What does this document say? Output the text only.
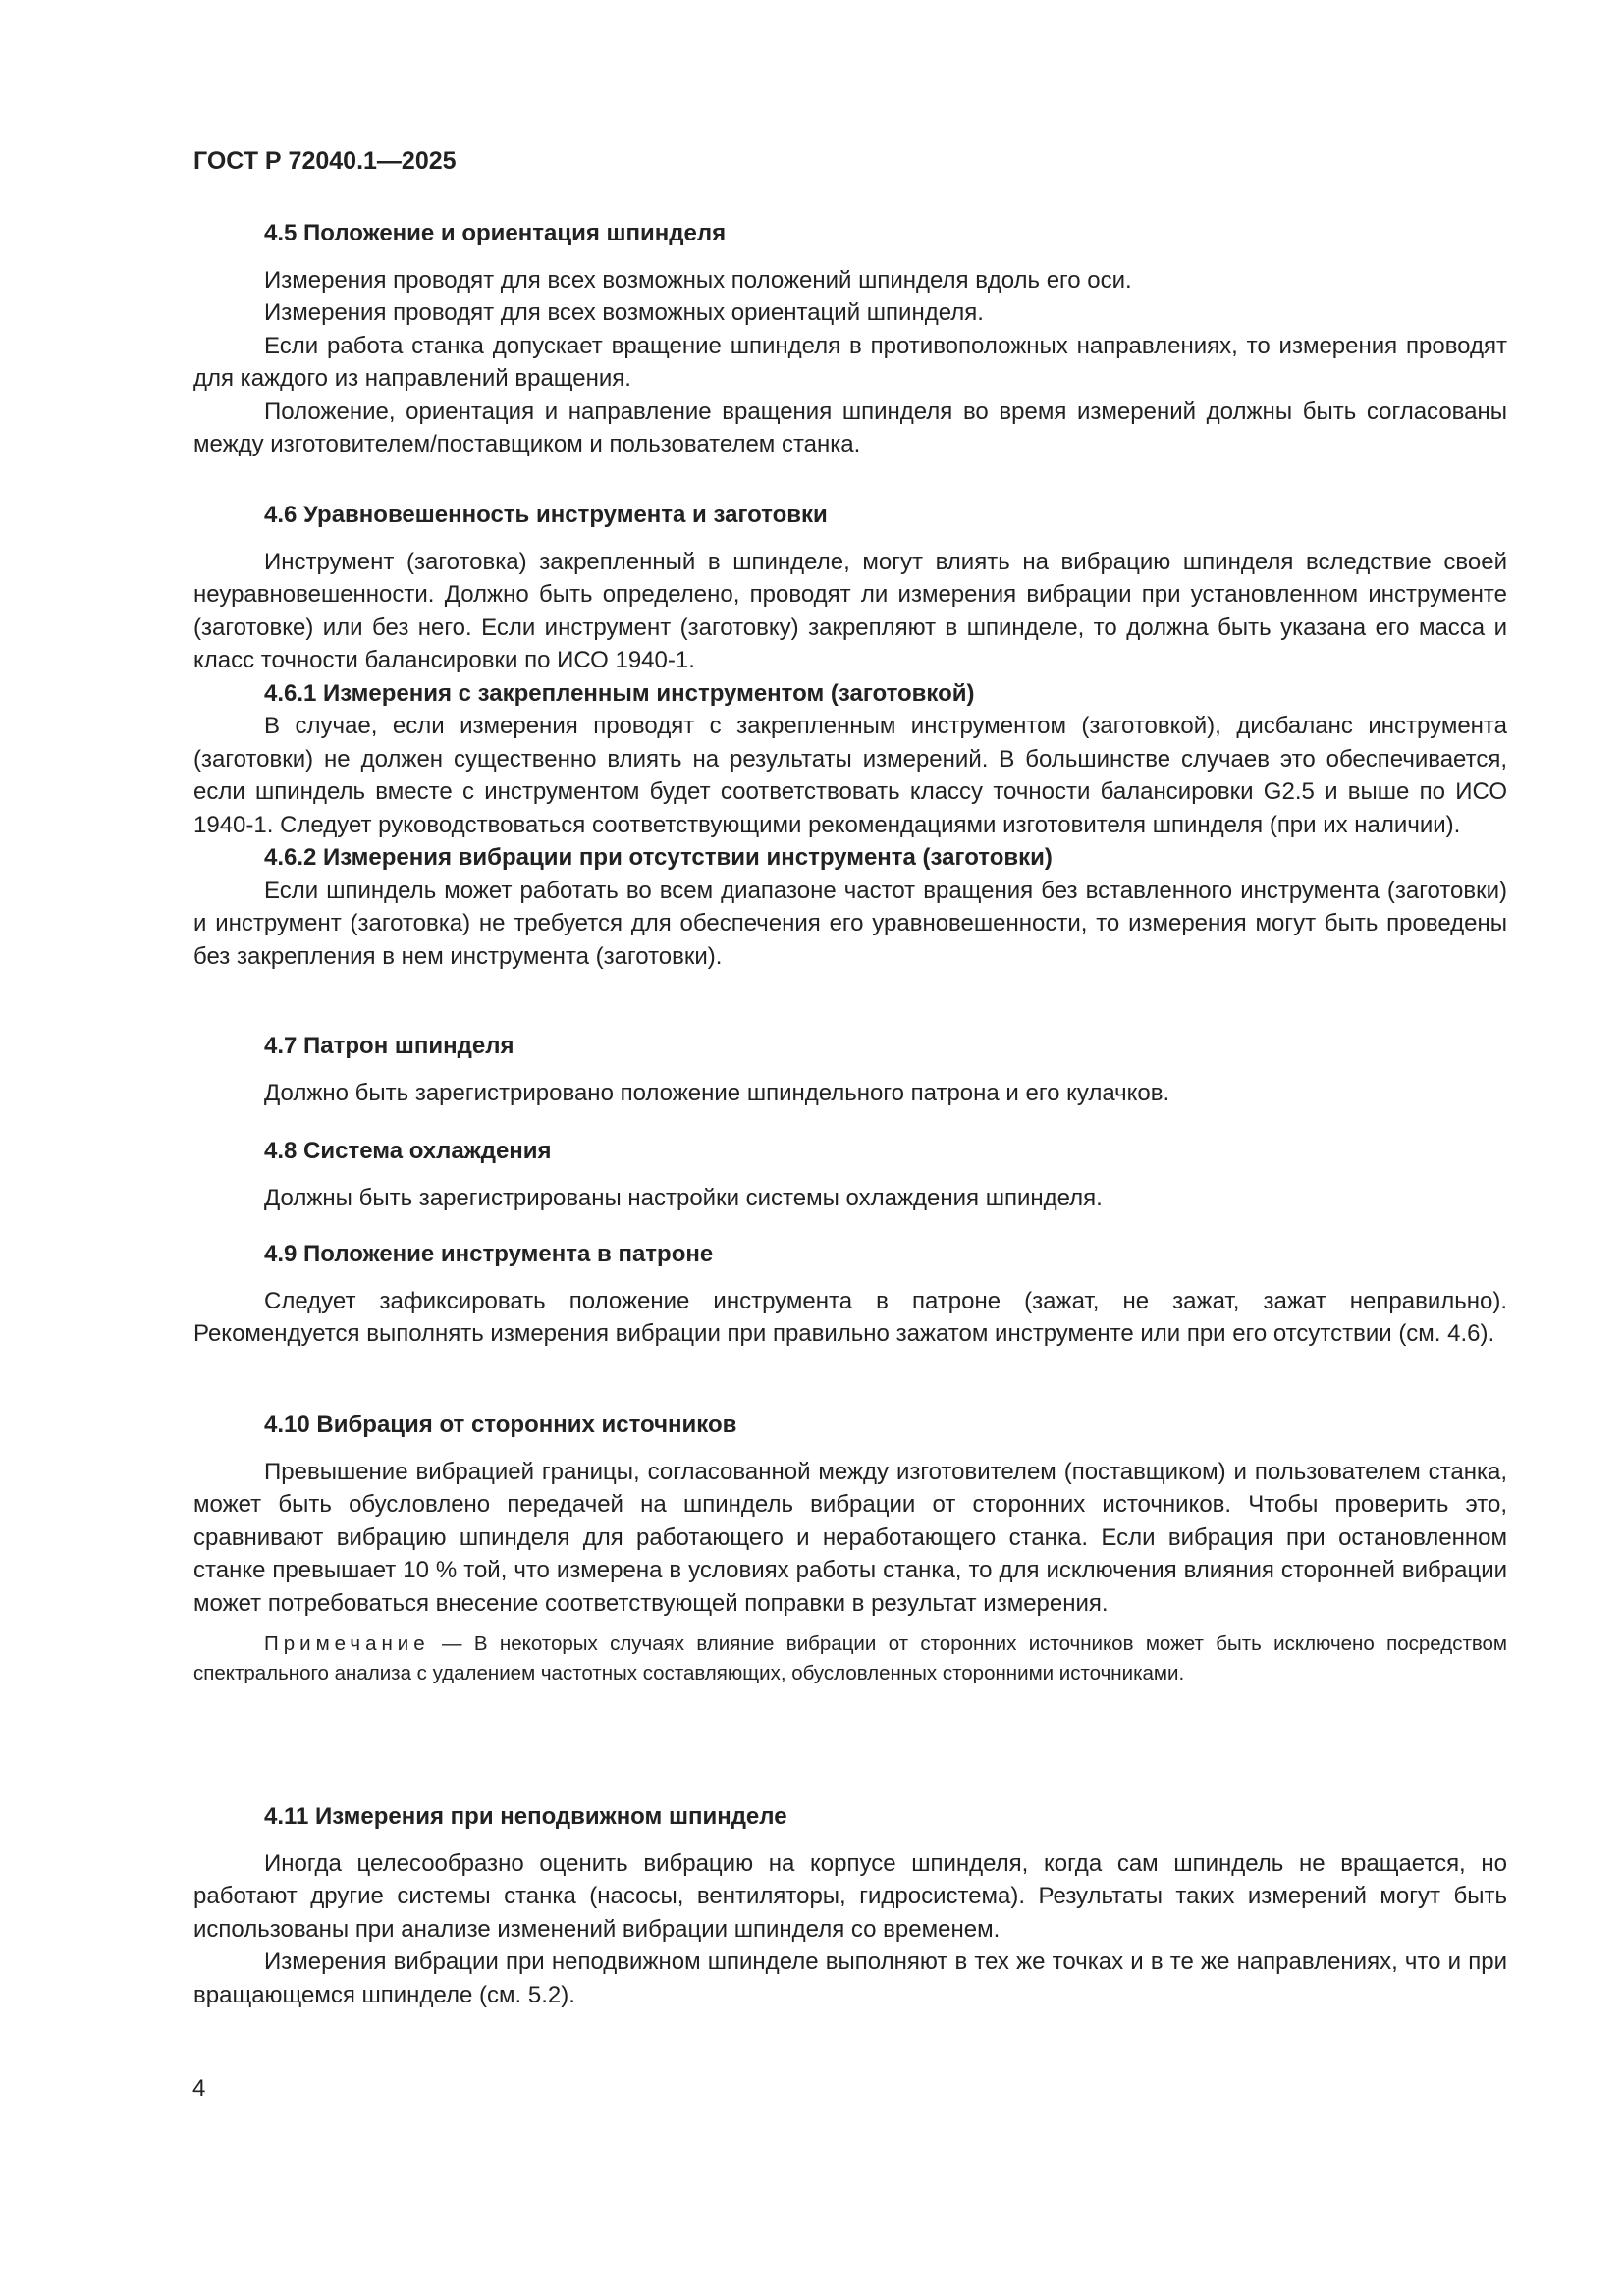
ГОСТ Р 72040.1—2025

4.5 Положение и ориентация шпинделя

Измерения проводят для всех возможных положений шпинделя вдоль его оси.

Измерения проводят для всех возможных ориентаций шпинделя.

Если работа станка допускает вращение шпинделя в противоположных направлениях, то измерения проводят для каждого из направлений вращения.

Положение, ориентация и направление вращения шпинделя во время измерений должны быть согласованы между изготовителем/поставщиком и пользователем станка.

4.6 Уравновешенность инструмента и заготовки

Инструмент (заготовка) закрепленный в шпинделе, могут влиять на вибрацию шпинделя вследствие своей неуравновешенности. Должно быть определено, проводят ли измерения вибрации при установленном инструменте (заготовке) или без него. Если инструмент (заготовку) закрепляют в шпинделе, то должна быть указана его масса и класс точности балансировки по ИСО 1940-1.

4.6.1 Измерения с закрепленным инструментом (заготовкой)

В случае, если измерения проводят с закрепленным инструментом (заготовкой), дисбаланс инструмента (заготовки) не должен существенно влиять на результаты измерений. В большинстве случаев это обеспечивается, если шпиндель вместе с инструментом будет соответствовать классу точности балансировки G2.5 и выше по ИСО 1940-1. Следует руководствоваться соответствующими рекомендациями изготовителя шпинделя (при их наличии).

4.6.2 Измерения вибрации при отсутствии инструмента (заготовки)

Если шпиндель может работать во всем диапазоне частот вращения без вставленного инструмента (заготовки) и инструмент (заготовка) не требуется для обеспечения его уравновешенности, то измерения могут быть проведены без закрепления в нем инструмента (заготовки).

4.7 Патрон шпинделя

Должно быть зарегистрировано положение шпиндельного патрона и его кулачков.

4.8 Система охлаждения

Должны быть зарегистрированы настройки системы охлаждения шпинделя.

4.9 Положение инструмента в патроне

Следует зафиксировать положение инструмента в патроне (зажат, не зажат, зажат неправильно). Рекомендуется выполнять измерения вибрации при правильно зажатом инструменте или при его отсутствии (см. 4.6).

4.10 Вибрация от сторонних источников

Превышение вибрацией границы, согласованной между изготовителем (поставщиком) и пользователем станка, может быть обусловлено передачей на шпиндель вибрации от сторонних источников. Чтобы проверить это, сравнивают вибрацию шпинделя для работающего и неработающего станка. Если вибрация при остановленном станке превышает 10 % той, что измерена в условиях работы станка, то для исключения влияния сторонней вибрации может потребоваться внесение соответствующей поправки в результат измерения.

Примечание — В некоторых случаях влияние вибрации от сторонних источников может быть исключено посредством спектрального анализа с удалением частотных составляющих, обусловленных сторонними источниками.

4.11 Измерения при неподвижном шпинделе

Иногда целесообразно оценить вибрацию на корпусе шпинделя, когда сам шпиндель не вращается, но работают другие системы станка (насосы, вентиляторы, гидросистема). Результаты таких измерений могут быть использованы при анализе изменений вибрации шпинделя со временем.

Измерения вибрации при неподвижном шпинделе выполняют в тех же точках и в те же направлениях, что и при вращающемся шпинделе (см. 5.2).

4
